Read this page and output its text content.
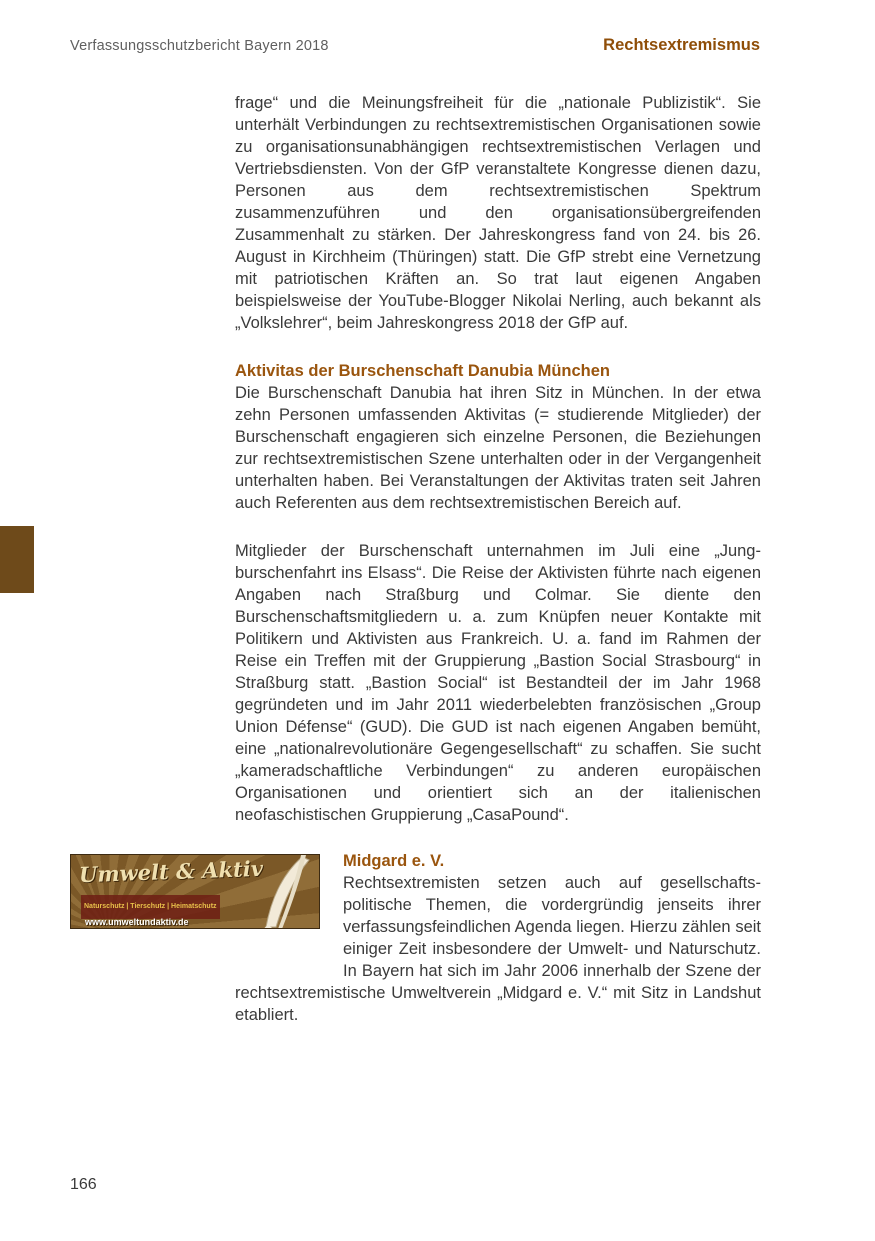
Verfassungsschutzbericht Bayern 2018	Rechtsextremismus

frage“ und die Meinungsfreiheit für die „nationale Publizistik“. Sie unterhält Verbindungen zu rechtsextremistischen Organisationen sowie zu organisationsunabhängigen rechtsextremistischen Verlagen und Vertriebsdiensten. Von der GfP veranstaltete Kongresse dienen dazu, Personen aus dem rechtsextremistischen Spektrum zusammenzuführen und den organisationsübergreifenden Zusammenhalt zu stärken. Der Jahreskongress fand von 24. bis 26. August in Kirchheim (Thüringen) statt. Die GfP strebt eine Vernetzung mit patriotischen Kräften an. So trat laut eigenen Angaben beispielsweise der YouTube-Blogger Nikolai Nerling, auch bekannt als „Volkslehrer“, beim Jahreskongress 2018 der GfP auf.

Aktivitas der Burschenschaft Danubia München

Die Burschenschaft Danubia hat ihren Sitz in München. In der etwa zehn Personen umfassenden Aktivitas (= studierende Mitglieder) der Burschenschaft engagieren sich einzelne Personen, die Beziehungen zur rechtsextremistischen Szene unterhalten oder in der Vergangenheit unterhalten haben. Bei Veranstaltungen der Aktivitas traten seit Jahren auch Referenten aus dem rechtsextremistischen Bereich auf.

Mitglieder der Burschenschaft unternahmen im Juli eine „Jungburschenfahrt ins Elsass“. Die Reise der Aktivisten führte nach eigenen Angaben nach Straßburg und Colmar. Sie diente den Burschenschaftsmitgliedern u. a. zum Knüpfen neuer Kontakte mit Politikern und Aktivisten aus Frankreich. U. a. fand im Rahmen der Reise ein Treffen mit der Gruppierung „Bastion Social Strasbourg“ in Straßburg statt. „Bastion Social“ ist Bestandteil der im Jahr 1968 gegründeten und im Jahr 2011 wiederbelebten französischen „Group Union Défense“ (GUD). Die GUD ist nach eigenen Angaben bemüht, eine „nationalrevolutionäre Gegengesellschaft“ zu schaffen. Sie sucht „kameradschaftliche Verbindungen“ zu anderen europäischen Organisationen und orientiert sich an der italienischen neofaschistischen Gruppierung „CasaPound“.

Umwelt & Aktiv
Naturschutz | Tierschutz | Heimatschutz
www.umweltundaktiv.de
Midgard e. V.

Rechtsextremisten setzen auch auf gesellschaftspolitische Themen, die vordergründig jenseits ihrer verfassungsfeindlichen Agenda liegen. Hierzu zählen seit einiger Zeit insbesondere der Umwelt- und Naturschutz. In Bayern hat sich im Jahr 2006 innerhalb der Szene der rechtsextremistische Umweltverein „Midgard e. V.“ mit Sitz in Landshut etabliert.

166
